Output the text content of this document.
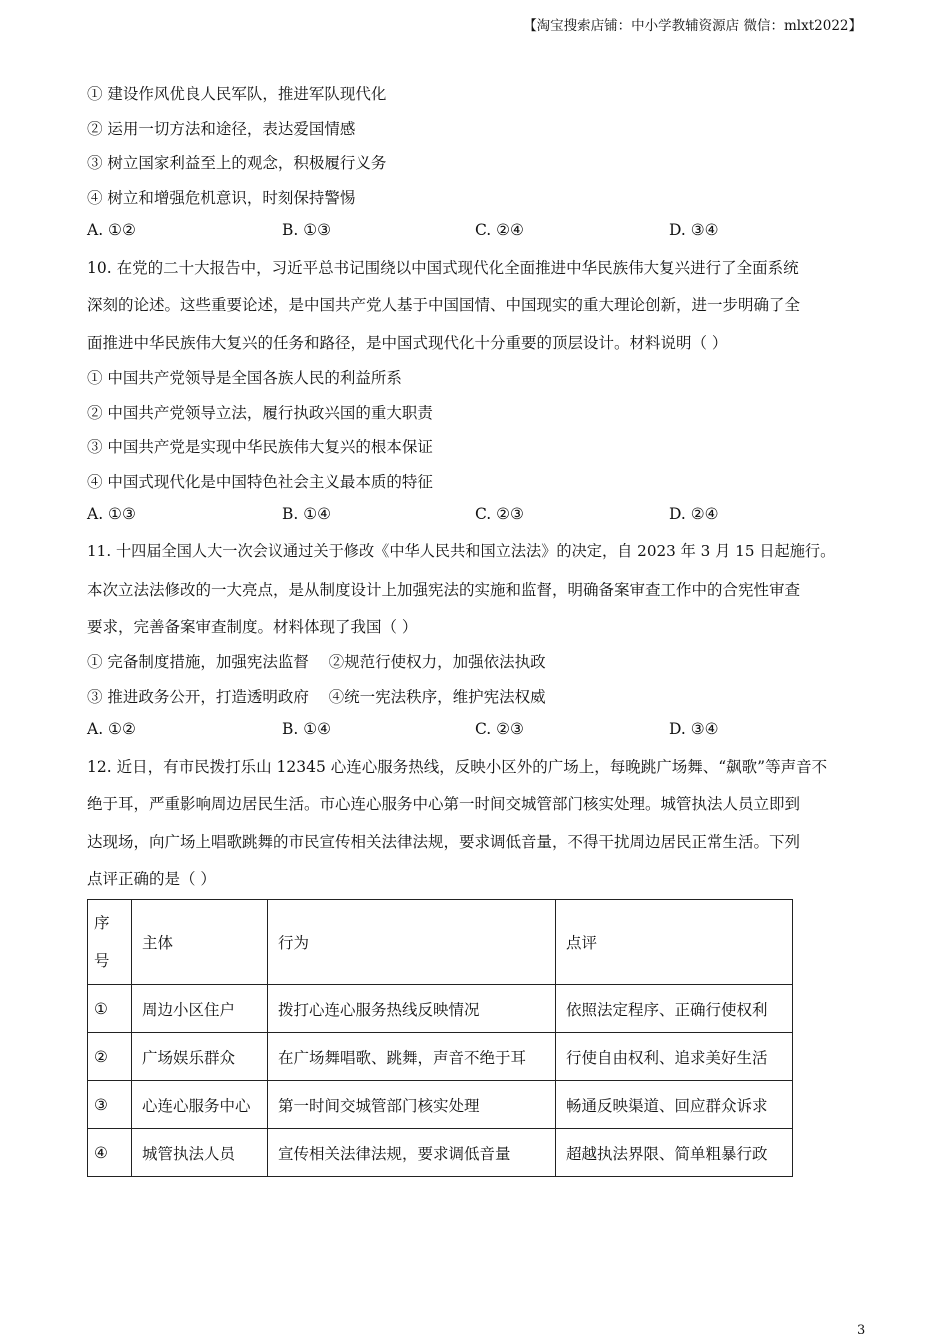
【淘宝搜索店铺：中小学教辅资源店 微信：mlxt2022】
① 建设作风优良人民军队，推进军队现代化
② 运用一切方法和途径，表达爱国情感
③ 树立国家利益至上的观念，积极履行义务
④ 树立和增强危机意识，时刻保持警惕
A. ①②	B. ①③	C. ②④	D. ③④
10. 在党的二十大报告中，习近平总书记围绕以中国式现代化全面推进中华民族伟大复兴进行了全面系统
深刻的论述。这些重要论述，是中国共产党人基于中国国情、中国现实的重大理论创新，进一步明确了全
面推进中华民族伟大复兴的任务和路径，是中国式现代化十分重要的顶层设计。材料说明（ ）
① 中国共产党领导是全国各族人民的利益所系
② 中国共产党领导立法，履行执政兴国的重大职责
③ 中国共产党是实现中华民族伟大复兴的根本保证
④ 中国式现代化是中国特色社会主义最本质的特征
A. ①③	B. ①④	C. ②③	D. ②④
11. 十四届全国人大一次会议通过关于修改《中华人民共和国立法法》的决定，自 2023 年 3 月 15 日起施行。
本次立法法修改的一大亮点，是从制度设计上加强宪法的实施和监督，明确备案审查工作中的合宪性审查
要求，完善备案审查制度。材料体现了我国（ ）
① 完备制度措施，加强宪法监督    ②规范行使权力，加强依法执政
③ 推进政务公开，打造透明政府    ④统一宪法秩序，维护宪法权威
A. ①②	B. ①④	C. ②③	D. ③④
12. 近日，有市民拨打乐山 12345 心连心服务热线，反映小区外的广场上，每晚跳广场舞、“飙歌”等声音不
绝于耳，严重影响周边居民生活。市心连心服务中心第一时间交城管部门核实处理。城管执法人员立即到
达现场，向广场上唱歌跳舞的市民宣传相关法律法规，要求调低音量，不得干扰周边居民正常生活。下列
点评正确的是（ ）
序
号	主体	行为	点评
①	周边小区住户	拨打心连心服务热线反映情况	依照法定程序、正确行使权利
②	广场娱乐群众	在广场舞唱歌、跳舞，声音不绝于耳	行使自由权利、追求美好生活
③	心连心服务中心	第一时间交城管部门核实处理	畅通反映渠道、回应群众诉求
④	城管执法人员	宣传相关法律法规，要求调低音量	超越执法界限、简单粗暴行政
3
